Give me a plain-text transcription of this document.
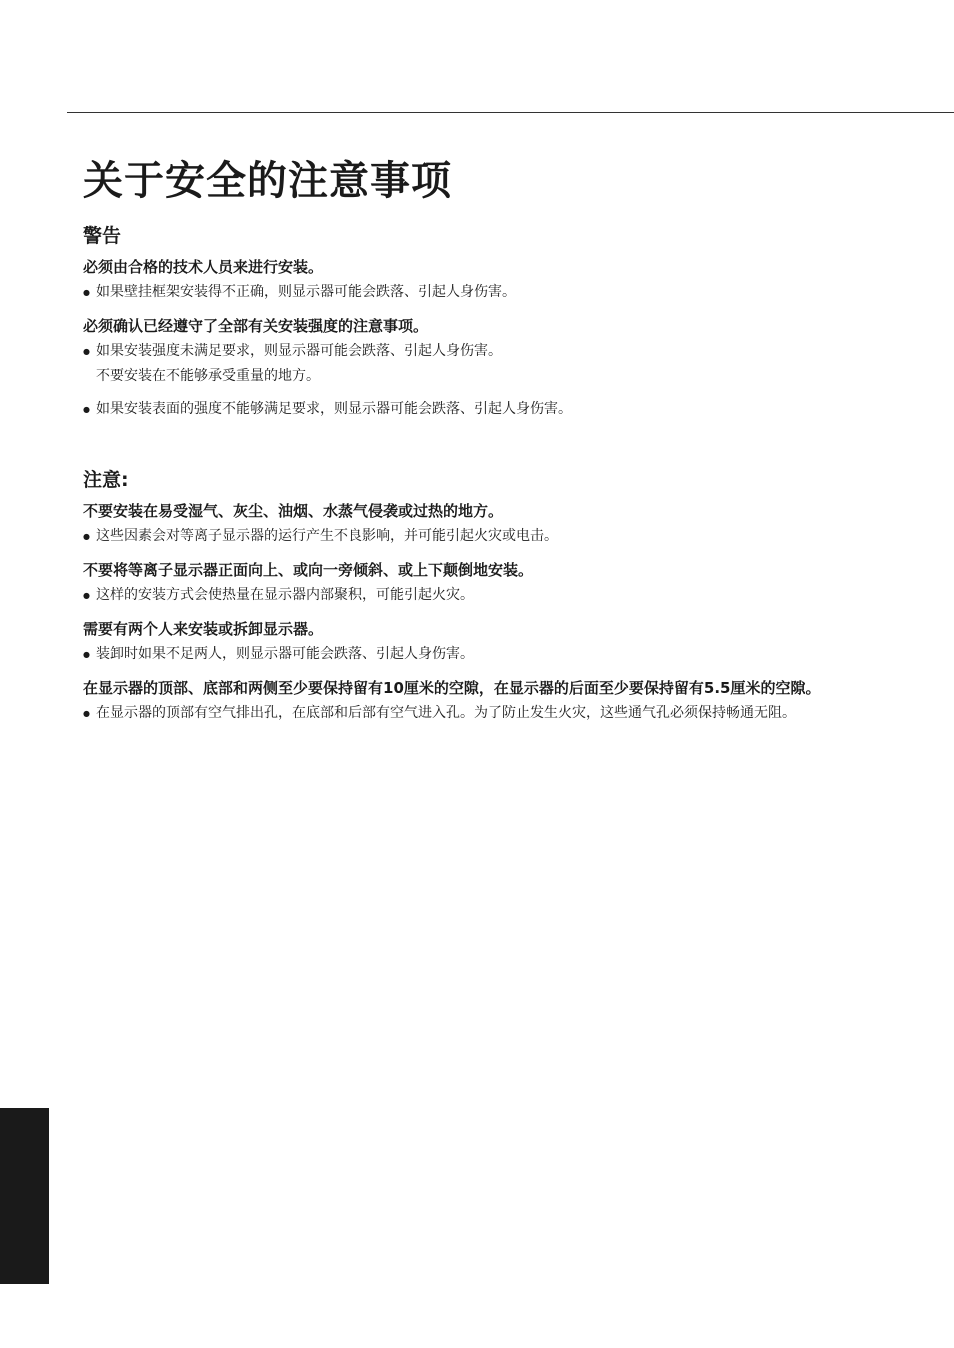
关于安全的注意事项
警告

必须由合格的技术人员来进行安装。

● 如果壁挂框架安装得不正确，则显示器可能会跌落、引起人身伤害。

必须确认已经遵守了全部有关安装强度的注意事项。

● 如果安装强度未满足要求，则显示器可能会跌落、引起人身伤害。
不要安装在不能够承受重量的地方。

● 如果安装表面的强度不能够满足要求，则显示器可能会跌落、引起人身伤害。

注意:

不要安装在易受湿气、灰尘、油烟、水蒸气侵袭或过热的地方。

● 这些因素会对等离子显示器的运行产生不良影响，并可能引起火灾或电击。

不要将等离子显示器正面向上、或向一旁倾斜、或上下颠倒地安装。

● 这样的安装方式会使热量在显示器内部聚积，可能引起火灾。

需要有两个人来安装或拆卸显示器。

● 装卸时如果不足两人，则显示器可能会跌落、引起人身伤害。

在显示器的顶部、底部和两侧至少要保持留有10厘米的空隙，在显示器的后面至少要保持留有5.5厘米的空隙。

● 在显示器的顶部有空气排出孔，在底部和后部有空气进入孔。为了防止发生火灾，这些通气孔必须保持畅通无阻。
